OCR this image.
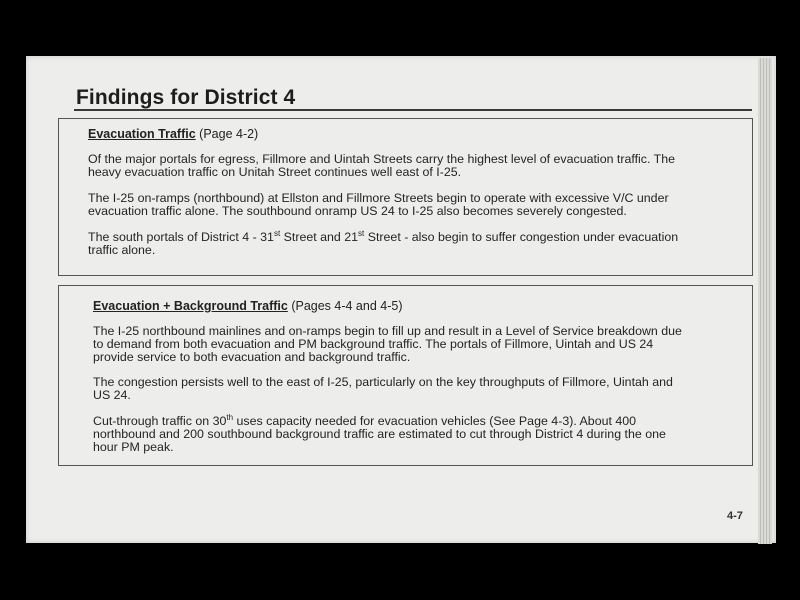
Findings for District 4
Evacuation Traffic (Page 4-2)
Of the major portals for egress, Fillmore and Uintah Streets carry the highest level of evacuation traffic. The
heavy evacuation traffic on Unitah Street continues well east of I-25.
The I-25 on-ramps (northbound) at Ellston and Fillmore Streets begin to operate with excessive V/C under
evacuation traffic alone. The southbound onramp US 24 to I-25 also becomes severely congested.
The south portals of District 4 - 31st Street and 21st Street - also begin to suffer congestion under evacuation
traffic alone.
Evacuation + Background Traffic (Pages 4-4 and 4-5)
The I-25 northbound mainlines and on-ramps begin to fill up and result in a Level of Service breakdown due
to demand from both evacuation and PM background traffic. The portals of Fillmore, Uintah and US 24
provide service to both evacuation and background traffic.
The congestion persists well to the east of I-25, particularly on the key throughputs of Fillmore, Uintah and
US 24.
Cut-through traffic on 30th uses capacity needed for evacuation vehicles (See Page 4-3). About 400
northbound and 200 southbound background traffic are estimated to cut through District 4 during the one
hour PM peak.
4-7
